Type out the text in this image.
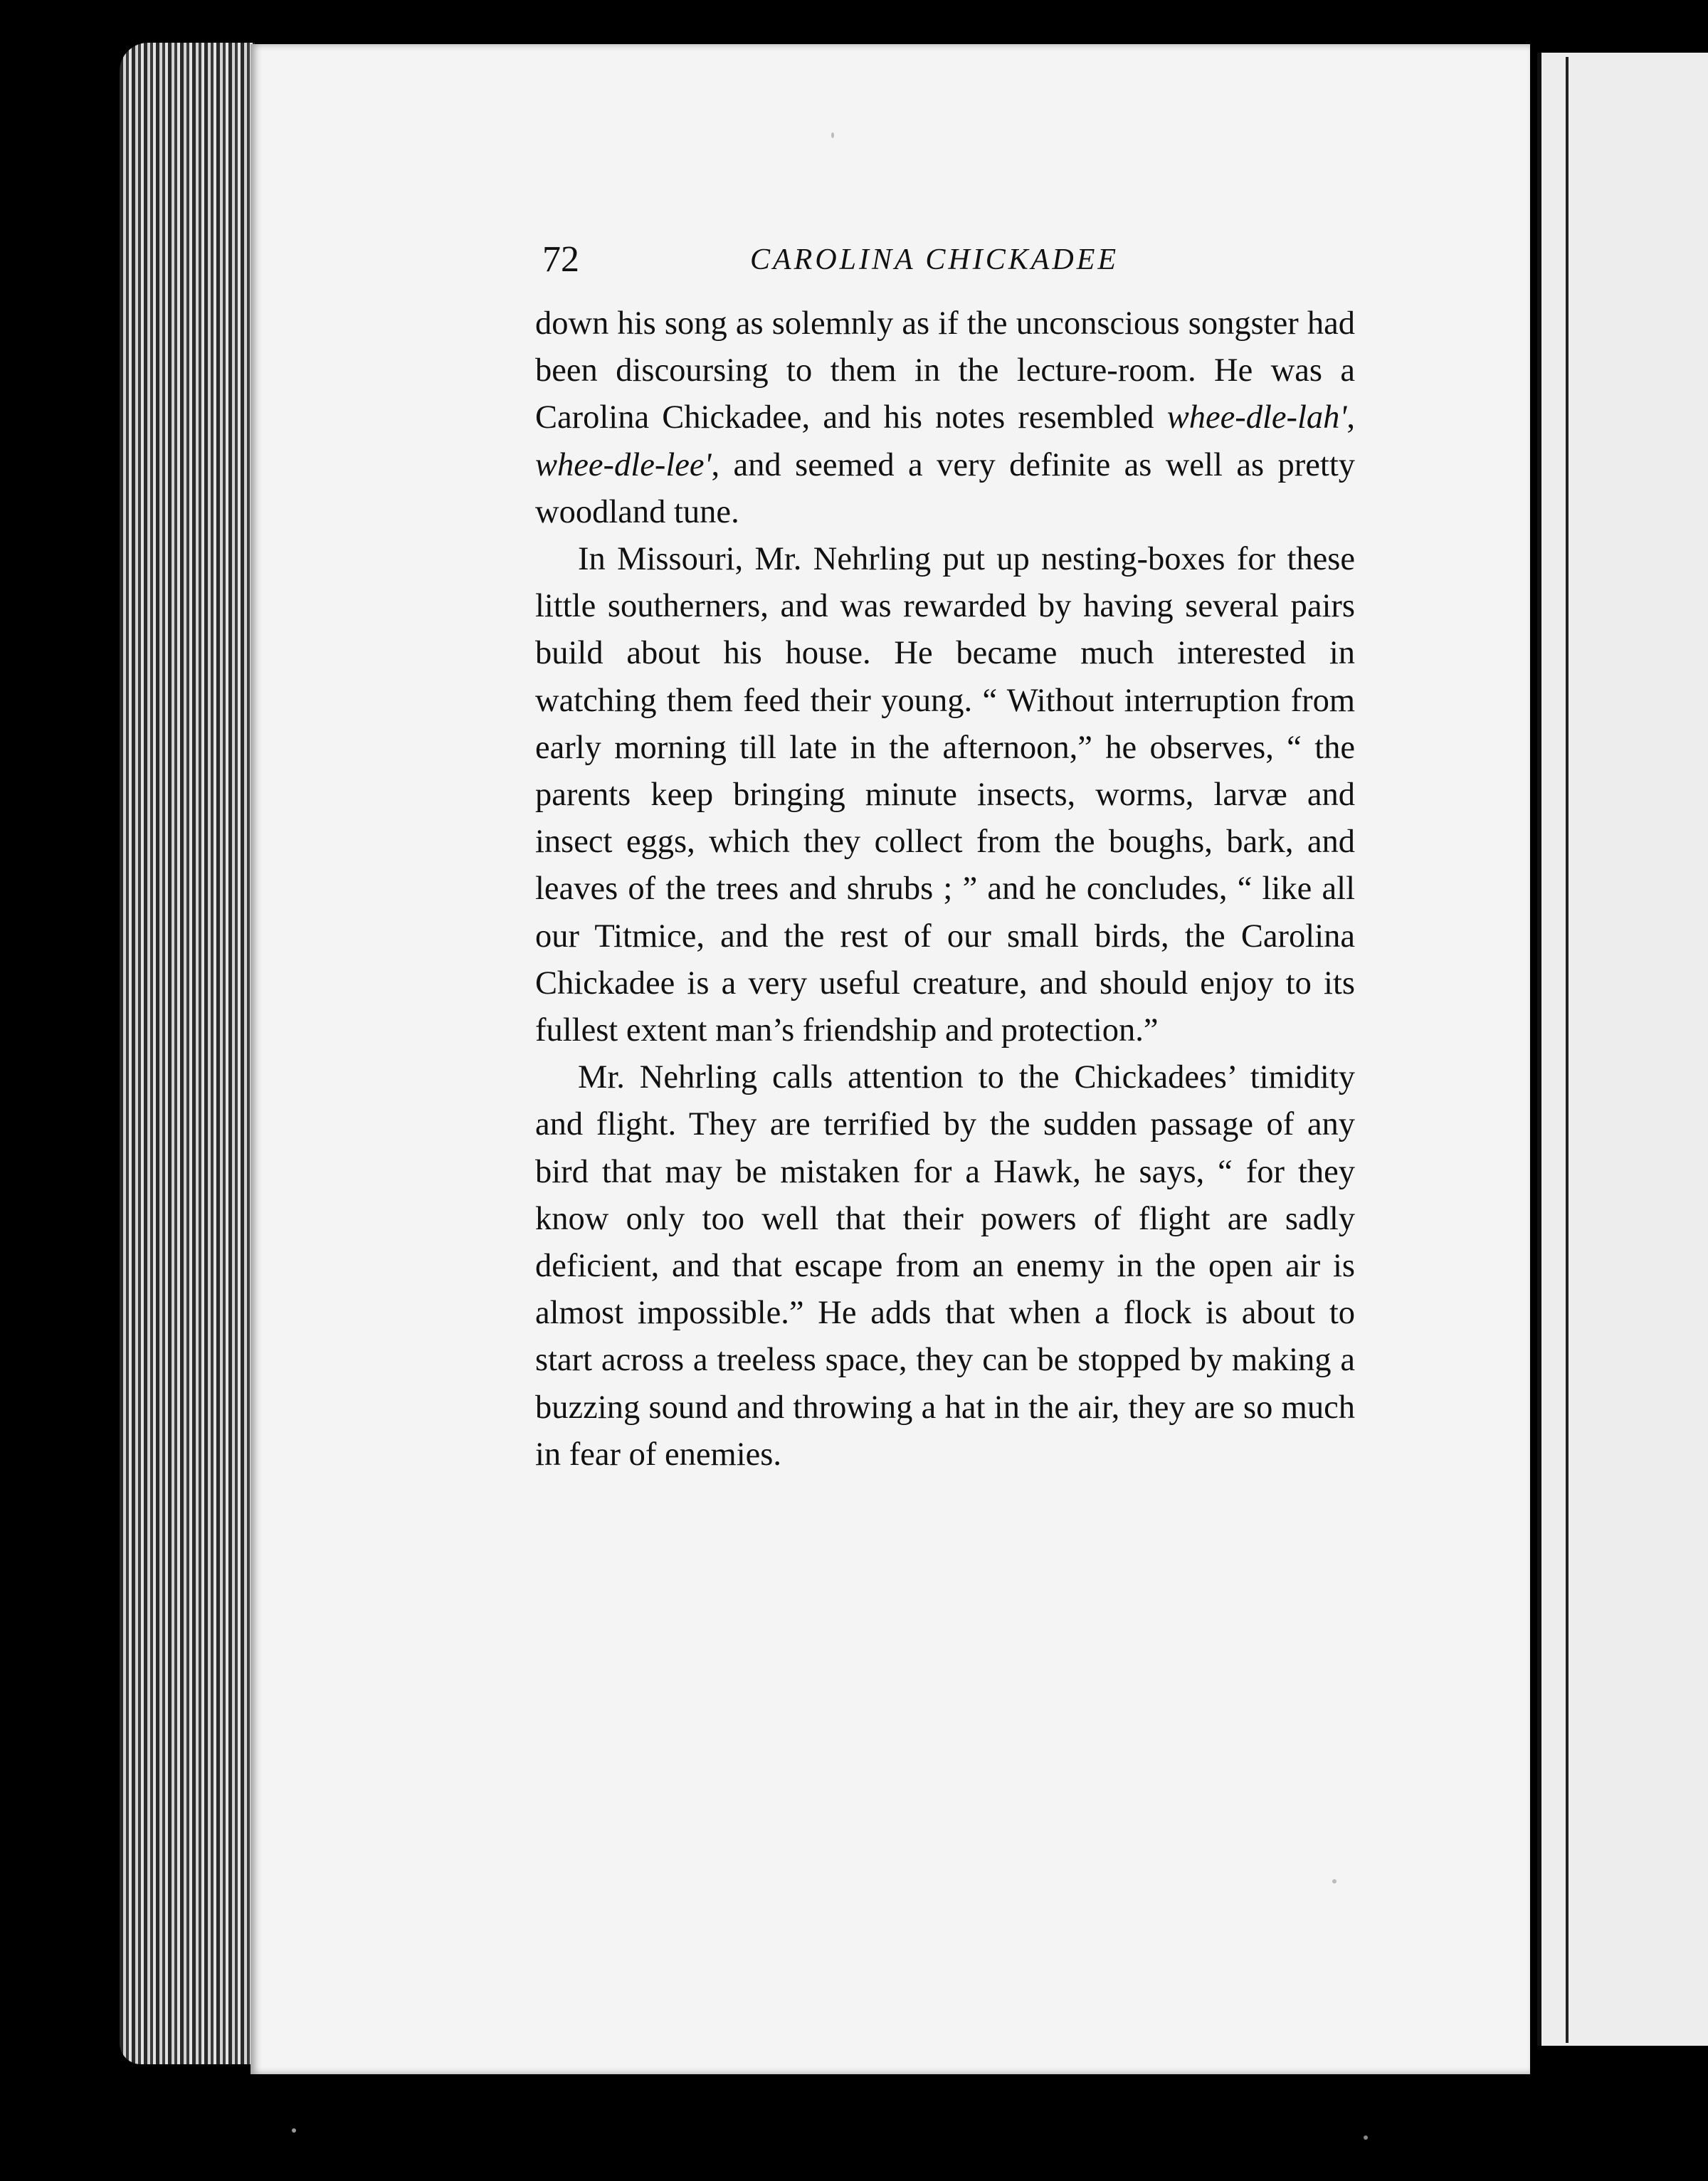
72	CAROLINA CHICKADEE

down his song as solemnly as if the unconscious songster had been discoursing to them in the lecture-room. He was a Carolina Chickadee, and his notes resembled whee-dle-lah', whee-dle-lee', and seemed a very definite as well as pretty woodland tune.

In Missouri, Mr. Nehrling put up nesting-boxes for these little southerners, and was rewarded by having several pairs build about his house. He became much interested in watching them feed their young. “ Without interruption from early morning till late in the afternoon,” he observes, “ the parents keep bringing minute insects, worms, larvæ and insect eggs, which they collect from the boughs, bark, and leaves of the trees and shrubs ; ” and he concludes, “ like all our Titmice, and the rest of our small birds, the Carolina Chickadee is a very useful creature, and should enjoy to its fullest extent man’s friendship and protection.”

Mr. Nehrling calls attention to the Chickadees’ timidity and flight. They are terrified by the sudden passage of any bird that may be mistaken for a Hawk, he says, “ for they know only too well that their powers of flight are sadly deficient, and that escape from an enemy in the open air is almost impossible.” He adds that when a flock is about to start across a treeless space, they can be stopped by making a buzzing sound and throwing a hat in the air, they are so much in fear of enemies.
